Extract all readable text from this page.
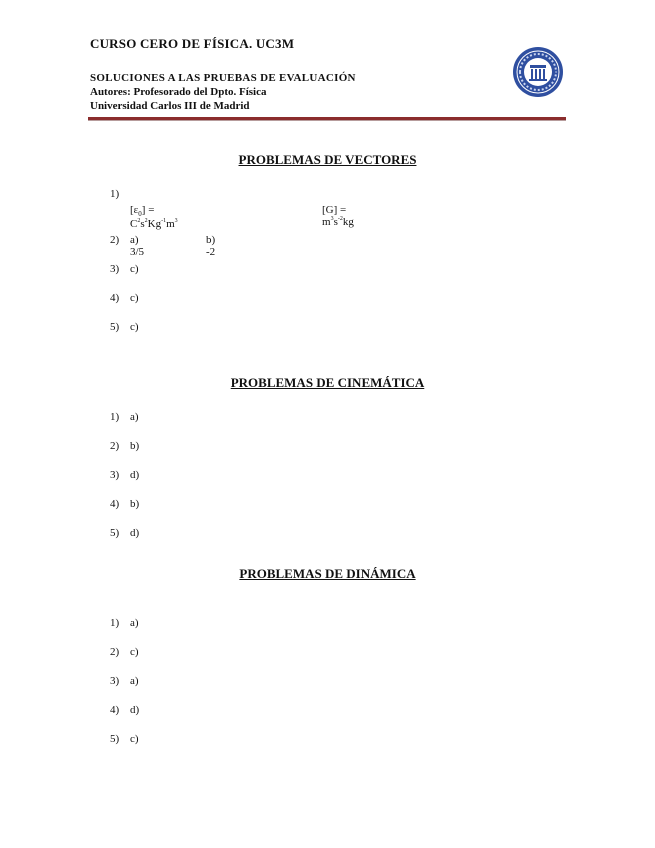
CURSO CERO DE FÍSICA. UC3M
SOLUCIONES A LAS PRUEBAS DE EVALUACIÓN
Autores: Profesorado del Dpto. Física
Universidad Carlos III de Madrid
PROBLEMAS DE VECTORES
1)
$[\varepsilon_0] = C^2s^2Kg^{-1}m^3$
$[G] = m^3s^{-2}kg$
2) a) 3/5
b) -2
3) c)
4) c)
5) c)
PROBLEMAS DE CINEMÁTICA
1) a)
2) b)
3) d)
4) b)
5) d)
PROBLEMAS DE DINÁMICA
1) a)
2) c)
3) a)
4) d)
5) c)
